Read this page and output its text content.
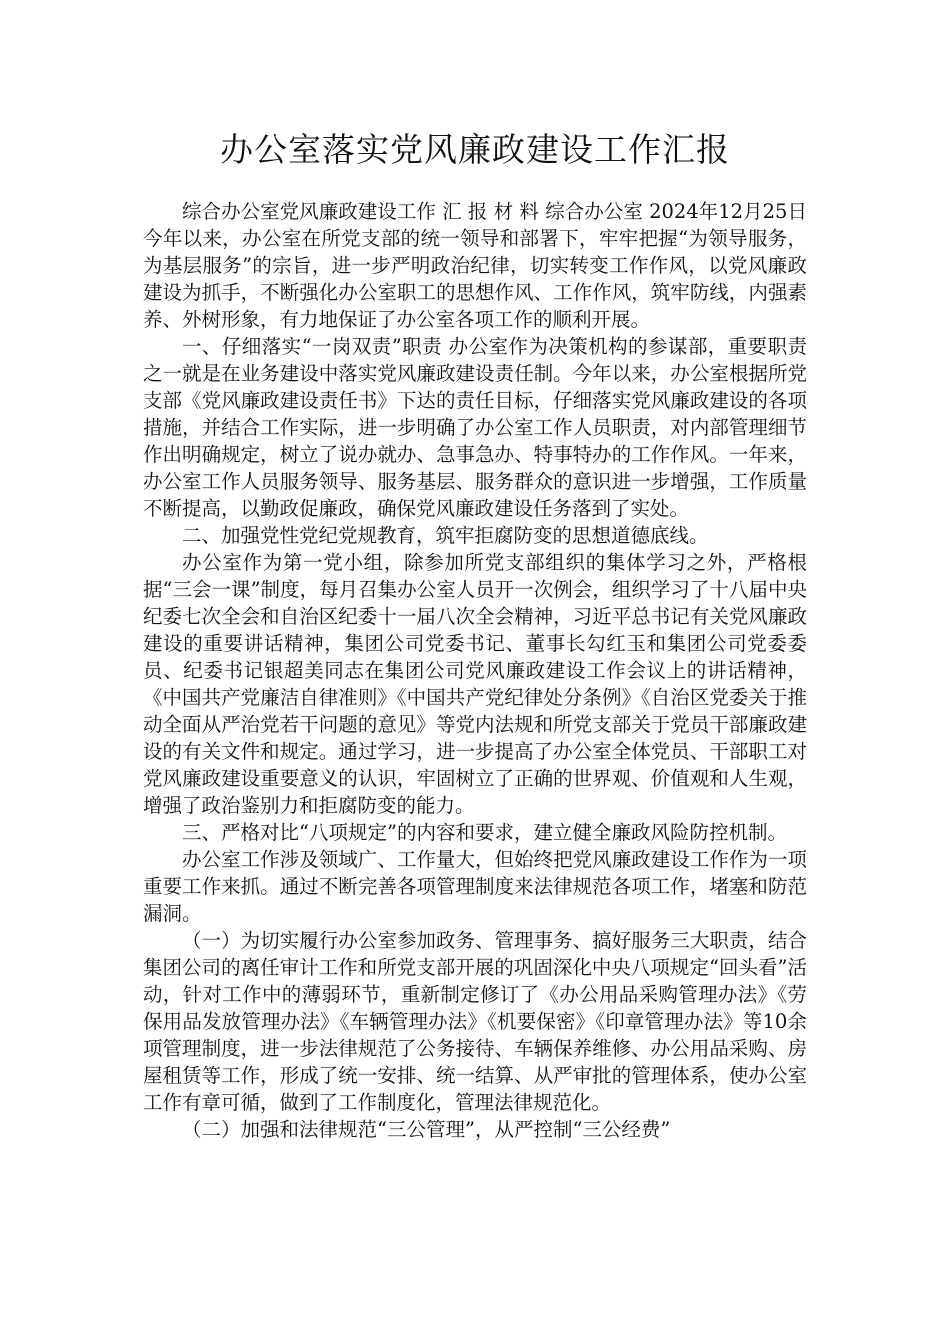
办公室落实党风廉政建设工作汇报

综合办公室党风廉政建设工作 汇 报 材 料 综合办公室 2024年12月25日 今年以来，办公室在所党支部的统一领导和部署下，牢牢把握“为领导服务，为基层服务”的宗旨，进一步严明政治纪律，切实转变工作作风，以党风廉政建设为抓手，不断强化办公室职工的思想作风、工作作风，筑牢防线，内强素养、外树形象，有力地保证了办公室各项工作的顺利开展。

一、仔细落实“一岗双责”职责 办公室作为决策机构的参谋部，重要职责之一就是在业务建设中落实党风廉政建设责任制。今年以来，办公室根据所党支部《党风廉政建设责任书》下达的责任目标，仔细落实党风廉政建设的各项措施，并结合工作实际，进一步明确了办公室工作人员职责，对内部管理细节作出明确规定，树立了说办就办、急事急办、特事特办的工作作风。一年来，办公室工作人员服务领导、服务基层、服务群众的意识进一步增强，工作质量不断提高，以勤政促廉政，确保党风廉政建设任务落到了实处。

二、加强党性党纪党规教育，筑牢拒腐防变的思想道德底线。

办公室作为第一党小组，除参加所党支部组织的集体学习之外，严格根据“三会一课”制度，每月召集办公室人员开一次例会，组织学习了十八届中央纪委七次全会和自治区纪委十一届八次全会精神，习近平总书记有关党风廉政建设的重要讲话精神，集团公司党委书记、董事长勾红玉和集团公司党委委员、纪委书记银超美同志在集团公司党风廉政建设工作会议上的讲话精神，《中国共产党廉洁自律准则》《中国共产党纪律处分条例》《自治区党委关于推动全面从严治党若干问题的意见》等党内法规和所党支部关于党员干部廉政建设的有关文件和规定。通过学习，进一步提高了办公室全体党员、干部职工对党风廉政建设重要意义的认识，牢固树立了正确的世界观、价值观和人生观，增强了政治鉴别力和拒腐防变的能力。

三、严格对比“八项规定”的内容和要求，建立健全廉政风险防控机制。

办公室工作涉及领域广、工作量大，但始终把党风廉政建设工作作为一项重要工作来抓。通过不断完善各项管理制度来法律规范各项工作，堵塞和防范漏洞。

（一）为切实履行办公室参加政务、管理事务、搞好服务三大职责，结合集团公司的离任审计工作和所党支部开展的巩固深化中央八项规定“回头看”活动，针对工作中的薄弱环节，重新制定修订了《办公用品采购管理办法》《劳保用品发放管理办法》《车辆管理办法》《机要保密》《印章管理办法》等10余项管理制度，进一步法律规范了公务接待、车辆保养维修、办公用品采购、房屋租赁等工作，形成了统一安排、统一结算、从严审批的管理体系，使办公室工作有章可循，做到了工作制度化，管理法律规范化。

（二）加强和法律规范“三公管理”，从严控制“三公经费”
